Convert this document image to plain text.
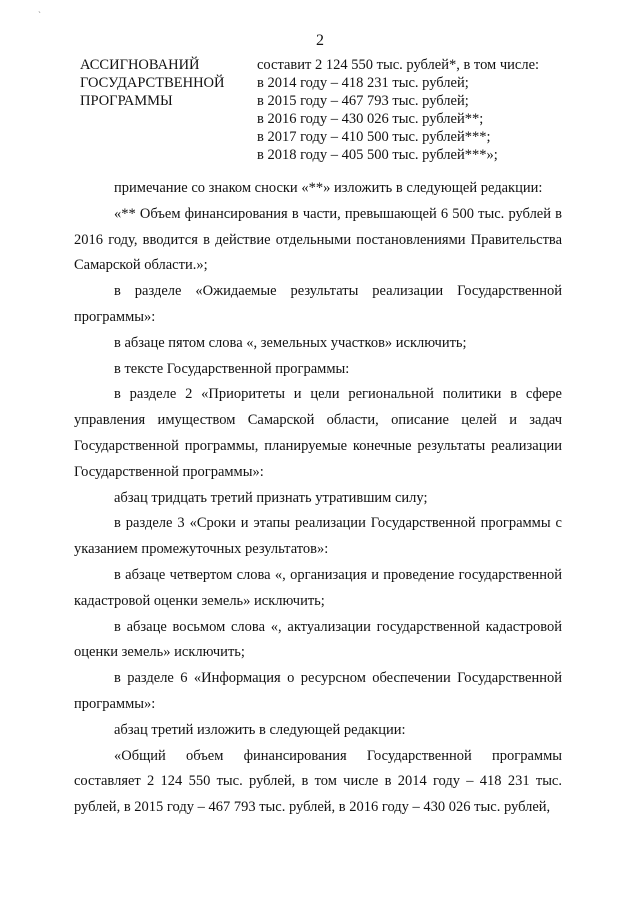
ˋ
2
АССИГНОВАНИЙ
ГОСУДАРСТВЕННОЙ
ПРОГРАММЫ
составит 2 124 550 тыс. рублей*, в том числе:
в 2014 году – 418 231 тыс. рублей;
в 2015 году – 467 793 тыс. рублей;
в 2016 году – 430 026 тыс. рублей**;
в 2017 году – 410 500 тыс. рублей***;
в 2018 году – 405 500 тыс. рублей***»;

примечание со знаком сноски «**» изложить в следующей редакции:

«** Объем финансирования в части, превышающей 6 500 тыс. рублей в 2016 году, вводится в действие отдельными постановлениями Правительства Самарской области.»;

в разделе «Ожидаемые результаты реализации Государственной программы»:

в абзаце пятом слова «, земельных участков» исключить;

в тексте Государственной программы:

в разделе 2 «Приоритеты и цели региональной политики в сфере управления имуществом Самарской области, описание целей и задач Государственной программы, планируемые конечные результаты реализации Государственной программы»:

абзац тридцать третий признать утратившим силу;

в разделе 3 «Сроки и этапы реализации Государственной программы с указанием промежуточных результатов»:

в абзаце четвертом слова «, организация и проведение государственной кадастровой оценки земель» исключить;

в абзаце восьмом слова «, актуализации государственной кадастровой оценки земель» исключить;

в разделе 6 «Информация о ресурсном обеспечении Государственной программы»:

абзац третий изложить в следующей редакции:

«Общий объем финансирования Государственной программы составляет 2 124 550 тыс. рублей, в том числе в 2014 году – 418 231 тыс. рублей, в 2015 году – 467 793 тыс. рублей, в 2016 году – 430 026 тыс. рублей,
